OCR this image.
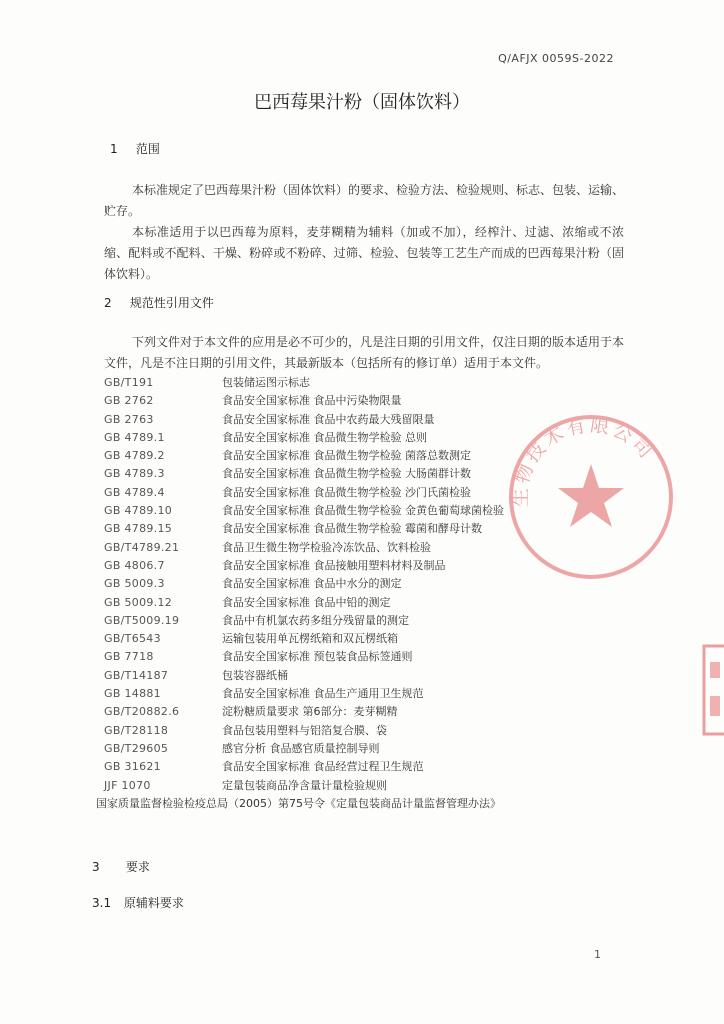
Q/AFJX 0059S-2022
巴西莓果汁粉（固体饮料）
1 范围
本标准规定了巴西莓果汁粉（固体饮料）的要求、检验方法、检验规则、标志、包装、运输、贮存。
本标准适用于以巴西莓为原料，麦芽糊精为辅料（加或不加），经榨汁、过滤、浓缩或不浓缩、配料或不配料、干燥、粉碎或不粉碎、过筛、检验、包装等工艺生产而成的巴西莓果汁粉（固体饮料）。
2 规范性引用文件
下列文件对于本文件的应用是必不可少的，凡是注日期的引用文件，仅注日期的版本适用于本文件，凡是不注日期的引用文件，其最新版本（包括所有的修订单）适用于本文件。
GB/T191	包装储运图示标志
GB 2762	食品安全国家标准 食品中污染物限量
GB 2763	食品安全国家标准 食品中农药最大残留限量
GB 4789.1	食品安全国家标准 食品微生物学检验 总则
GB 4789.2	食品安全国家标准 食品微生物学检验 菌落总数测定
GB 4789.3	食品安全国家标准 食品微生物学检验 大肠菌群计数
GB 4789.4	食品安全国家标准 食品微生物学检验 沙门氏菌检验
GB 4789.10	食品安全国家标准 食品微生物学检验 金黄色葡萄球菌检验
GB 4789.15	食品安全国家标准 食品微生物学检验 霉菌和酵母计数
GB/T4789.21	食品卫生微生物学检验冷冻饮品、饮料检验
GB 4806.7	食品安全国家标准 食品接触用塑料材料及制品
GB 5009.3	食品安全国家标准 食品中水分的测定
GB 5009.12	食品安全国家标准 食品中铅的测定
GB/T5009.19	食品中有机氯农药多组分残留量的测定
GB/T6543	运输包装用单瓦楞纸箱和双瓦楞纸箱
GB 7718	食品安全国家标准 预包装食品标签通则
GB/T14187	包装容器纸桶
GB 14881	食品安全国家标准 食品生产通用卫生规范
GB/T20882.6	淀粉糖质量要求 第6部分：麦芽糊精
GB/T28118	食品包装用塑料与铝箔复合膜、袋
GB/T29605	感官分析 食品感官质量控制导则
GB 31621	食品安全国家标准 食品经营过程卫生规范
JJF 1070	定量包装商品净含量计量检验规则
国家质量监督检验检疫总局（2005）第75号令《定量包装商品计量监督管理办法》
3 要求
3.1 原辅料要求
生物技术有限公司
1
